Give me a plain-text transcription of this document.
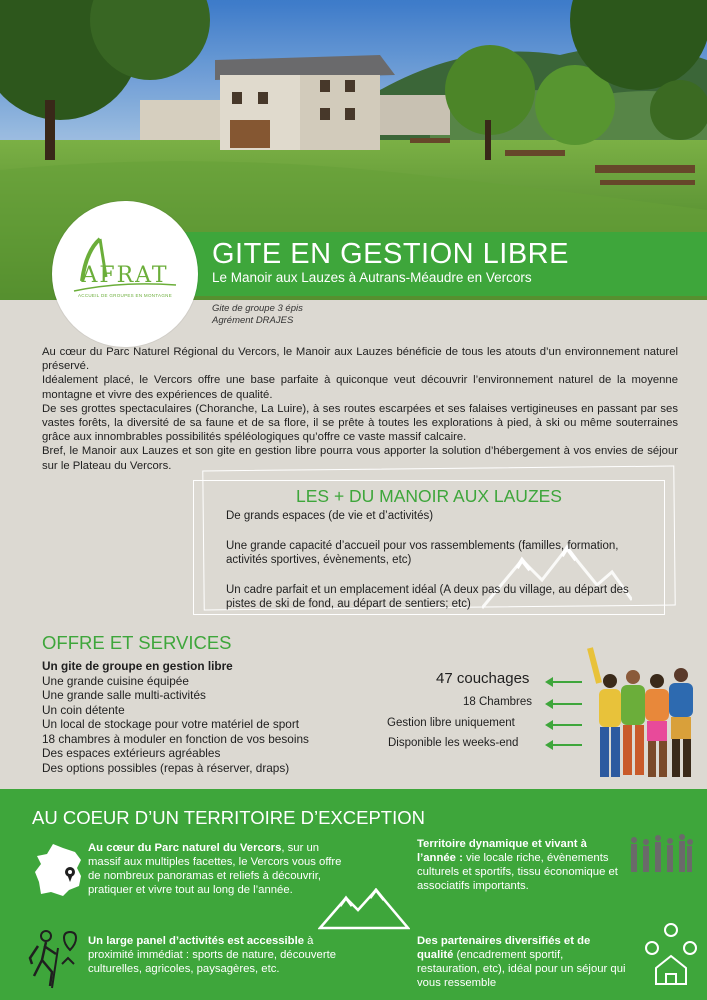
GITE EN GESTION LIBRE
Le Manoir aux Lauzes à Autrans-Méaudre en Vercors
AFRAT
ACCUEIL DE GROUPES EN MONTAGNE
Gite de groupe 3 épis
Agrément DRAJES

Au cœur du Parc Naturel Régional du Vercors, le Manoir aux Lauzes bénéficie de tous les atouts d’un environnement naturel préservé.

Idéalement placé, le Vercors offre une base parfaite à quiconque veut découvrir l’environnement naturel de la moyenne montagne et vivre des expériences de qualité.

De ses grottes spectaculaires (Choranche, La Luire), à ses routes escarpées et ses falaises vertigineuses en passant par ses vastes forêts, la diversité de sa faune et de sa flore, il se prête à toutes les explorations à pied, à ski ou même souterraines grâce aux innombrables possibilités spéléologiques qu’offre ce vaste massif calcaire.

Bref, le Manoir aux Lauzes et son gite en gestion libre pourra vous apporter la solution d’hébergement à vos envies de séjour sur le Plateau du Vercors.

LES + DU MANOIR AUX LAUZES
De grands espaces (de vie et d’activités)
Une grande capacité d’accueil pour vos rassemblements (familles, formation, activités sportives, évènements, etc)
Un cadre parfait et un emplacement idéal (A deux pas du village, au départ des pistes de ski de fond, au départ de sentiers; etc)
OFFRE ET SERVICES
Un gite de groupe en gestion libre
Une grande cuisine équipée
Une grande salle multi-activités
Un coin détente
Un local de stockage pour votre matériel de sport
18 chambres à moduler en fonction de vos besoins
Des espaces extérieurs agréables
Des options possibles (repas à réserver, draps)
47 couchages
18 Chambres
Gestion libre uniquement
Disponible les weeks-end
AU COEUR D’UN TERRITOIRE D’EXCEPTION
Au cœur du Parc naturel du Vercors, sur un massif aux multiples facettes, le Vercors vous offre de nombreux panoramas et reliefs à découvrir, pratiquer et vivre tout au long de l’année.
Territoire dynamique et vivant à l’année : vie locale riche, évènements culturels et sportifs, tissu économique et associatifs importants.
Un large panel d’activités est accessible à proximité immédiat : sports de nature, découverte culturelles, agricoles, paysagères, etc.
Des partenaires diversifiés et de qualité (encadrement sportif, restauration, etc), idéal pour un séjour qui vous ressemble
